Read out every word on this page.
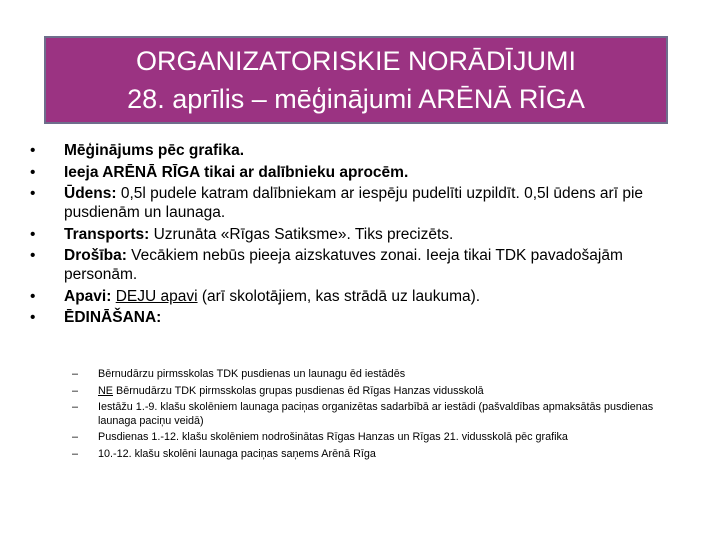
ORGANIZATORISKIE NORĀDĪJUMI
28. aprīlis – mēģinājumi ARĒNĀ RĪGA
• Mēģinājums pēc grafika.
• Ieeja ARĒNĀ RĪGA tikai ar dalībnieku aprocēm.
• Ūdens: 0,5l pudele katram dalībniekam ar iespēju pudelīti uzpildīt. 0,5l ūdens arī pie pusdienām un launaga.
• Transports: Uzrunāta «Rīgas Satiksme». Tiks precizēts.
• Drošība: Vecākiem nebūs pieeja aizskatuves zonai. Ieeja tikai TDK pavadošajām personām.
• Apavi: DEJU apavi (arī skolotājiem, kas strādā uz laukuma).
• ĒDINĀŠANA:
– Bērnudārzu pirmsskolas TDK pusdienas un launagu ēd iestādēs
– NE Bērnudārzu TDK pirmsskolas grupas pusdienas ēd Rīgas Hanzas vidusskolā
– Iestāžu 1.-9. klašu skolēniem launaga paciņas organizētas sadarbībā ar iestādi (pašvaldības apmaksātās pusdienas launaga paciņu veidā)
– Pusdienas 1.-12. klašu skolēniem nodrošinātas Rīgas Hanzas un Rīgas 21. vidusskolā pēc grafika
– 10.-12. klašu skolēni launaga paciņas saņems Arēnā Rīga
